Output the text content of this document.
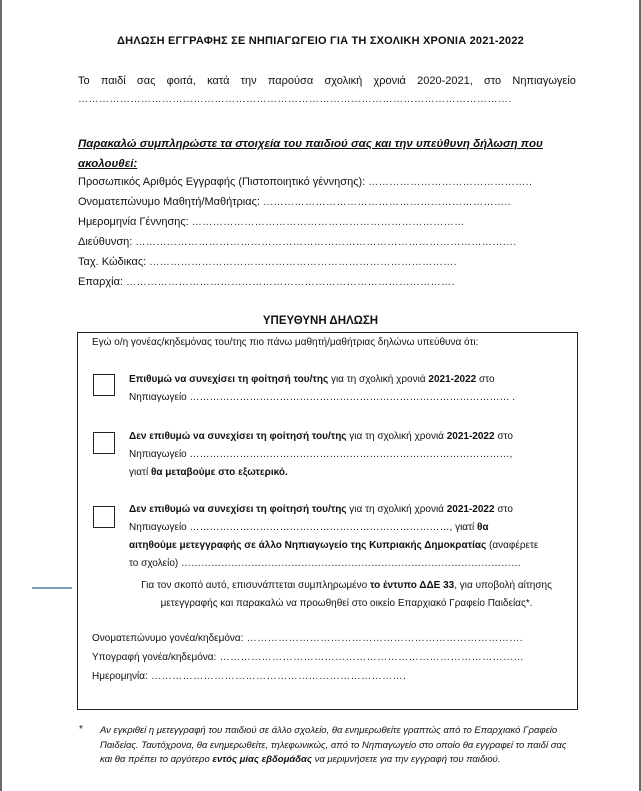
ΔΗΛΩΣΗ ΕΓΓΡΑΦΗΣ ΣΕ ΝΗΠΙΑΓΩΓΕΙΟ ΓΙΑ ΤΗ ΣΧΟΛΙΚΗ ΧΡΟΝΙΑ 2021-2022
Το παιδί σας φοιτά, κατά την παρούσα σχολική χρονιά 2020-2021, στο Νηπιαγωγείο
…………………………………………………………………………………………………………….
Παρακαλώ συμπληρώστε τα στοιχεία του παιδιού σας και την υπεύθυνη δήλωση που ακολουθεί:
Προσωπικός Αριθμός Εγγραφής (Πιστοποιητικό γέννησης): ………………………………………..
Ονοματεπώνυμο Μαθητή/Μαθήτριας: ……………………………………………………………..
Ημερομηνία Γέννησης: ……………………………………………………………………
Διεύθυνση: ……………………………………………………………………………………………….
Ταχ. Κώδικας: …………………………………………………………………………….
Επαρχία: ………………………………………………………………………………….
ΥΠΕΥΘΥΝΗ ΔΗΛΩΣΗ
Εγώ ο/η γονέας/κηδεμόνας του/της πιο πάνω μαθητή/μαθήτριας δηλώνω υπεύθυνα ότι:
Επιθυμώ να συνεχίσει τη φοίτησή του/της για τη σχολική χρονιά 2021-2022 στο
Νηπιαγωγείο …………………………………………………………………………………… .
Δεν επιθυμώ να συνεχίσει τη φοίτησή του/της για τη σχολική χρονιά 2021-2022 στο
Νηπιαγωγείο ……………………………………………………………………………………,
γιατί θα μεταβούμε στο εξωτερικό.
Δεν επιθυμώ να συνεχίσει τη φοίτησή του/της για τη σχολική χρονιά 2021-2022 στο
Νηπιαγωγείο ……………………………………………………………………, γιατί θα
αιτηθούμε μετεγγραφής σε άλλο Νηπιαγωγείο της Κυπριακής Δημοκρατίας (αναφέρετε
το σχολείο) …………………………………………………………………………………………
Για τον σκοπό αυτό, επισυνάπτεται συμπληρωμένο το έντυπο ΔΔΕ 33, για υποβολή αίτησης μετεγγραφής και παρακαλώ να προωθηθεί στο οικείο Επαρχιακό Γραφείο Παιδείας*.
Ονοματεπώνυμο γονέα/κηδεμόνα: …………………………………………………………………….
Υπογραφή γονέα/κηδεμόνα: ……………………………………………………………………………
Ημερομηνία: ……………………………………………………………….
* Αν εγκριθεί η μετεγγραφή του παιδιού σε άλλο σχολείο, θα ενημερωθείτε γραπτώς από το Επαρχιακό Γραφείο Παιδείας. Ταυτόχρονα, θα ενημερωθείτε, τηλεφωνικώς, από το Νηπιαγωγείο στο οποίο θα εγγραφεί το παιδί σας και θα πρέπει το αργότερο εντός μίας εβδομάδας να μεριμνήσετε για την εγγραφή του παιδιού.
